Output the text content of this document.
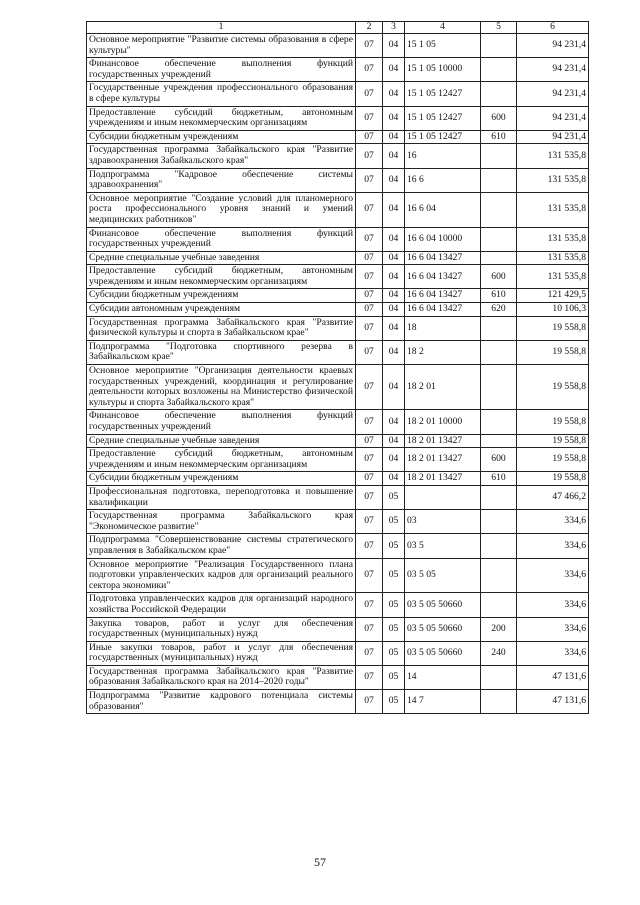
1	2	3	4	5	6
Основное мероприятие "Развитие системы образования в сфере культуры"	07	04	15 1 05		94 231,4
Финансовое обеспечение выполнения функций государственных учреждений	07	04	15 1 05 10000		94 231,4
Государственные учреждения профессионального образования в сфере культуры	07	04	15 1 05 12427		94 231,4
Предоставление субсидий бюджетным, автономным учреждениям и иным некоммерческим организациям	07	04	15 1 05 12427	600	94 231,4
Субсидии бюджетным учреждениям	07	04	15 1 05 12427	610	94 231,4
Государственная программа Забайкальского края "Развитие здравоохранения Забайкальского края"	07	04	16		131 535,8
Подпрограмма "Кадровое обеспечение системы здравоохранения"	07	04	16 6		131 535,8
Основное мероприятие "Создание условий для планомерного роста профессионального уровня знаний и умений медицинских работников"	07	04	16 6 04		131 535,8
Финансовое обеспечение выполнения функций государственных учреждений	07	04	16 6 04 10000		131 535,8
Средние специальные учебные заведения	07	04	16 6 04 13427		131 535,8
Предоставление субсидий бюджетным, автономным учреждениям и иным некоммерческим организациям	07	04	16 6 04 13427	600	131 535,8
Субсидии бюджетным учреждениям	07	04	16 6 04 13427	610	121 429,5
Субсидии автономным учреждениям	07	04	16 6 04 13427	620	10 106,3
Государственная программа Забайкальского края "Развитие физической культуры и спорта в Забайкальском крае"	07	04	18		19 558,8
Подпрограмма "Подготовка спортивного резерва в Забайкальском крае"	07	04	18 2		19 558,8
Основное мероприятие "Организация деятельности краевых государственных учреждений, координация и регулирование деятельности которых возложены на Министерство физической культуры и спорта Забайкальского края"	07	04	18 2 01		19 558,8
Финансовое обеспечение выполнения функций государственных учреждений	07	04	18 2 01 10000		19 558,8
Средние специальные учебные заведения	07	04	18 2 01 13427		19 558,8
Предоставление субсидий бюджетным, автономным учреждениям и иным некоммерческим организациям	07	04	18 2 01 13427	600	19 558,8
Субсидии бюджетным учреждениям	07	04	18 2 01 13427	610	19 558,8
Профессиональная подготовка, переподготовка и повышение квалификации	07	05			47 466,2
Государственная программа Забайкальского края "Экономическое развитие"	07	05	03		334,6
Подпрограмма "Совершенствование системы стратегического управления в Забайкальском крае"	07	05	03 5		334,6
Основное мероприятие "Реализация Государственного плана подготовки управленческих кадров для организаций реального сектора экономики"	07	05	03 5 05		334,6
Подготовка управленческих кадров для организаций народного хозяйства Российской Федерации	07	05	03 5 05 50660		334,6
Закупка товаров, работ и услуг для обеспечения государственных (муниципальных) нужд	07	05	03 5 05 50660	200	334,6
Иные закупки товаров, работ и услуг для обеспечения государственных (муниципальных) нужд	07	05	03 5 05 50660	240	334,6
Государственная программа Забайкальского края "Развитие образования Забайкальского края на 2014–2020 годы"	07	05	14		47 131,6
Подпрограмма "Развитие кадрового потенциала системы образования"	07	05	14 7		47 131,6
57
